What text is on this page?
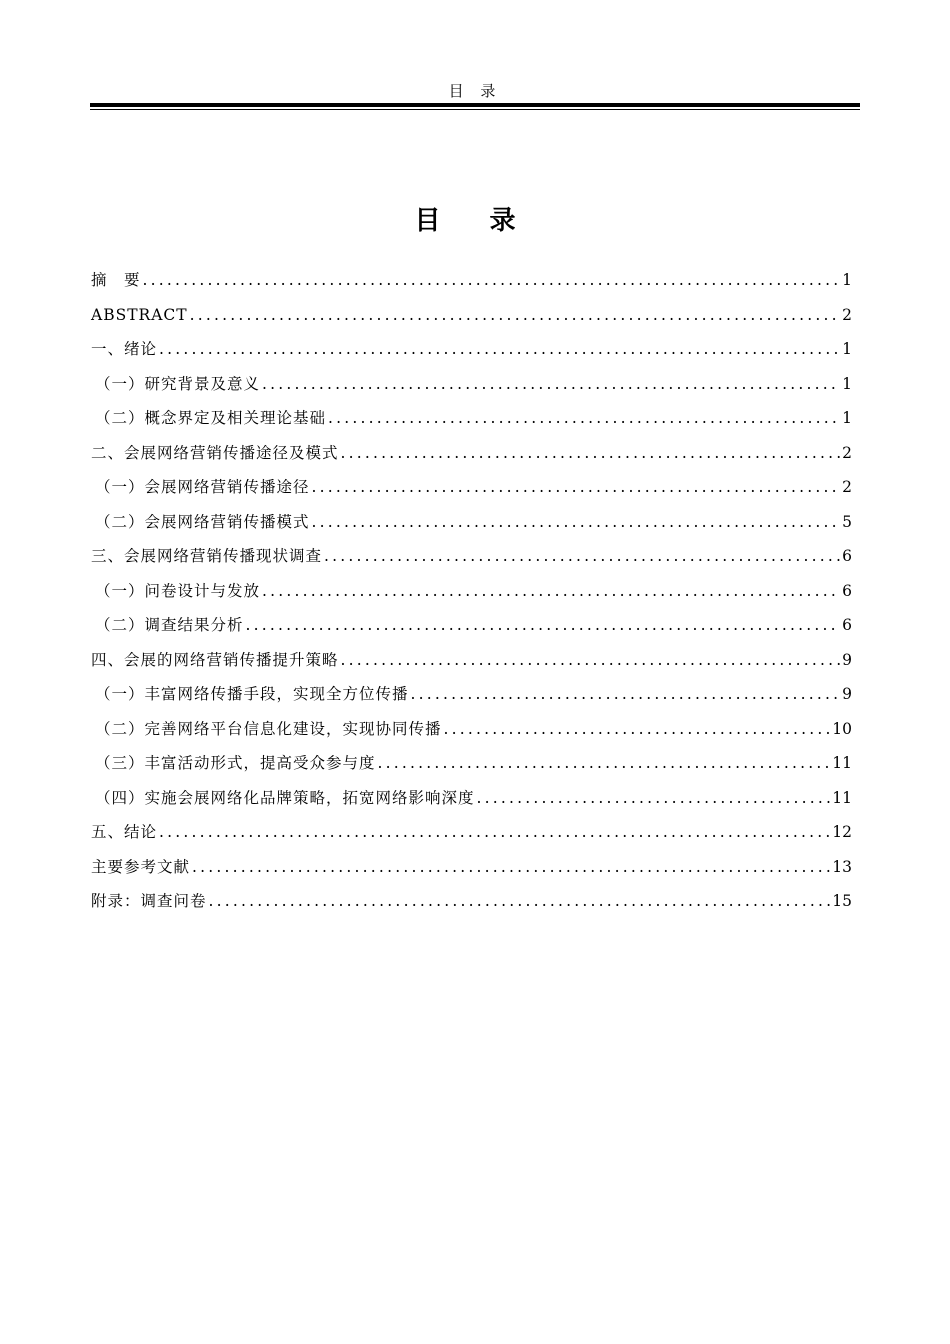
目 录
目 录
摘　要 .....	1
ABSTRACT .....	2
一、绪论 .....	1
（一）研究背景及意义 .....	1
（二）概念界定及相关理论基础 .....	1
二、会展网络营销传播途径及模式 .....	2
（一）会展网络营销传播途径 .....	2
（二）会展网络营销传播模式 .....	5
三、会展网络营销传播现状调查 .....	6
（一）问卷设计与发放 .....	6
（二）调查结果分析 .....	6
四、会展的网络营销传播提升策略 .....	9
（一）丰富网络传播手段，实现全方位传播 .....	9
（二）完善网络平台信息化建设，实现协同传播 .....	10
（三）丰富活动形式，提高受众参与度 .....	11
（四）实施会展网络化品牌策略，拓宽网络影响深度 .....	11
五、结论 .....	12
主要参考文献 .....	13
附录：调查问卷 .....	15
